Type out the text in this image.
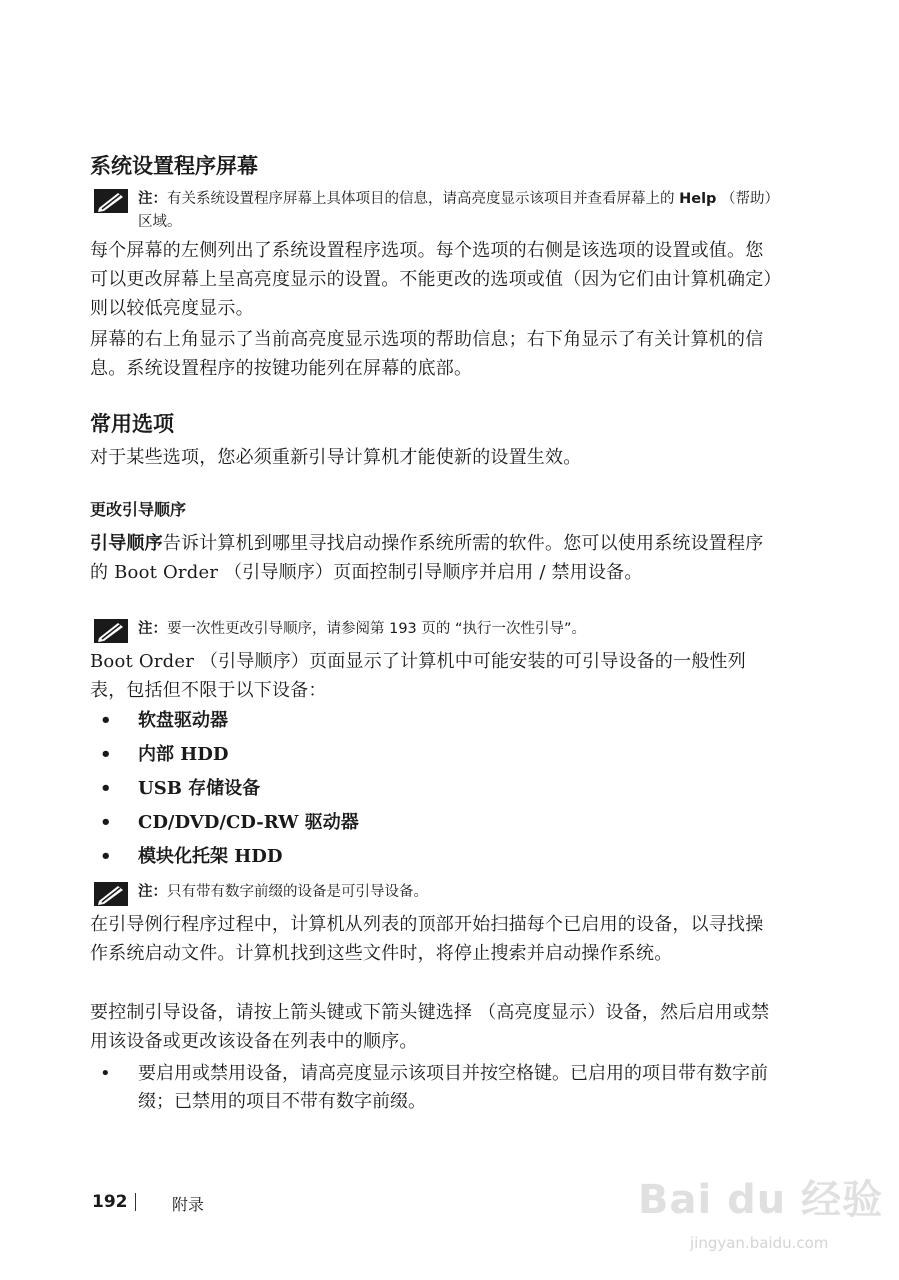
系统设置程序屏幕
注：有关系统设置程序屏幕上具体项目的信息，请高亮度显示该项目并查看屏幕上的 Help （帮助）区域。

每个屏幕的左侧列出了系统设置程序选项。每个选项的右侧是该选项的设置或值。您可以更改屏幕上呈高亮度显示的设置。不能更改的选项或值（因为它们由计算机确定）则以较低亮度显示。

屏幕的右上角显示了当前高亮度显示选项的帮助信息；右下角显示了有关计算机的信息。系统设置程序的按键功能列在屏幕的底部。

常用选项

对于某些选项，您必须重新引导计算机才能使新的设置生效。

更改引导顺序

引导顺序告诉计算机到哪里寻找启动操作系统所需的软件。您可以使用系统设置程序的 Boot Order （引导顺序）页面控制引导顺序并启用 / 禁用设备。

注：要一次性更改引导顺序，请参阅第 193 页的 “执行一次性引导”。

Boot Order （引导顺序）页面显示了计算机中可能安装的可引导设备的一般性列表，包括但不限于以下设备：

• 软盘驱动器
• 内部 HDD
• USB 存储设备
• CD/DVD/CD-RW 驱动器
• 模块化托架 HDD
注：只有带有数字前缀的设备是可引导设备。

在引导例行程序过程中，计算机从列表的顶部开始扫描每个已启用的设备，以寻找操作系统启动文件。计算机找到这些文件时，将停止搜索并启动操作系统。

要控制引导设备，请按上箭头键或下箭头键选择 （高亮度显示）设备，然后启用或禁用该设备或更改该设备在列表中的顺序。

• 要启用或禁用设备，请高亮度显示该项目并按空格键。已启用的项目带有数字前缀；已禁用的项目不带有数字前缀。
192	附录	Bai du 经验
jingyan.baidu.com
